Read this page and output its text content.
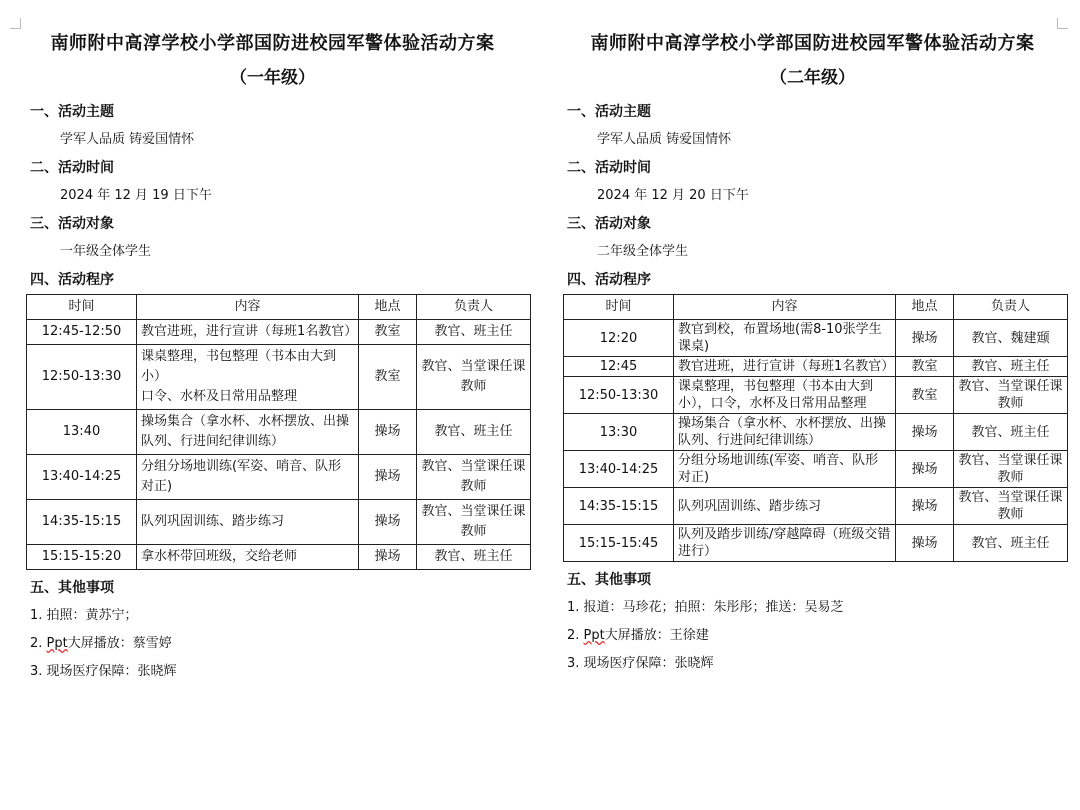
南师附中高淳学校小学部国防进校园军警体验活动方案
（一年级）
一、活动主题
学军人品质 铸爱国情怀
二、活动时间
2024 年 12 月 19 日下午
三、活动对象
一年级全体学生
四、活动程序
时间	内容	地点	负责人
12:45-12:50	教官进班，进行宣讲（每班1名教官）	教室	教官、班主任
12:50-13:30	课桌整理，书包整理（书本由大到小）
口令、水杯及日常用品整理	教室	教官、当堂课任课教师
13:40	操场集合（拿水杯、水杯摆放、出操队列、行进间纪律训练）	操场	教官、班主任
13:40-14:25	分组分场地训练(军姿、哨音、队形对正)	操场	教官、当堂课任课教师
14:35-15:15	队列巩固训练、踏步练习	操场	教官、当堂课任课教师
15:15-15:20	拿水杯带回班级，交给老师	操场	教官、班主任
五、其他事项
1. 拍照：黄苏宁；
2. Ppt大屏播放：蔡雪婷
3. 现场医疗保障：张晓辉
南师附中高淳学校小学部国防进校园军警体验活动方案
（二年级）
一、活动主题
学军人品质 铸爱国情怀
二、活动时间
2024 年 12 月 20 日下午
三、活动对象
二年级全体学生
四、活动程序
时间	内容	地点	负责人
12:20	教官到校，布置场地(需8-10张学生课桌)	操场	教官、魏建颋
12:45	教官进班，进行宣讲（每班1名教官）	教室	教官、班主任
12:50-13:30	课桌整理，书包整理（书本由大到小），口令，水杯及日常用品整理	教室	教官、当堂课任课教师
13:30	操场集合（拿水杯、水杯摆放、出操队列、行进间纪律训练）	操场	教官、班主任
13:40-14:25	分组分场地训练(军姿、哨音、队形对正)	操场	教官、当堂课任课教师
14:35-15:15	队列巩固训练、踏步练习	操场	教官、当堂课任课教师
15:15-15:45	队列及踏步训练/穿越障碍（班级交错进行）	操场	教官、班主任
五、其他事项
1. 报道：马珍花；拍照：朱彤彤；推送：吴易芝
2. Ppt大屏播放：王徐建
3. 现场医疗保障：张晓辉
